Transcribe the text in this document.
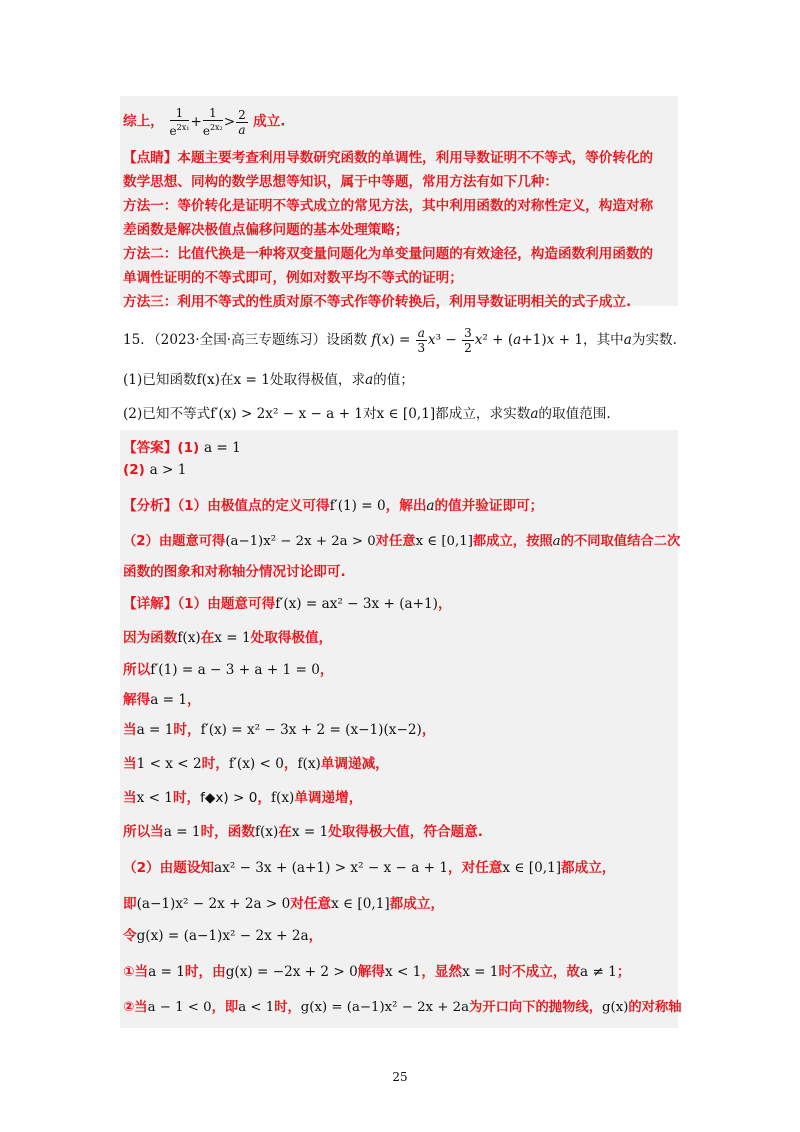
综上， $\frac{1}{e^{2x_1}} + \frac{1}{e^{2x_2}} > \frac{2}{a}$ 成立.
【点睛】本题主要考查利用导数研究函数的单调性，利用导数证明不不等式，等价转化的
数学思想、同构的数学思想等知识，属于中等题，常用方法有如下几种：
方法一：等价转化是证明不等式成立的常见方法，其中利用函数的对称性定义，构造对称
差函数是解决极值点偏移问题的基本处理策略；
方法二：比值代换是一种将双变量问题化为单变量问题的有效途径，构造函数利用函数的
单调性证明的不等式即可，例如对数平均不等式的证明；
方法三：利用不等式的性质对原不等式作等价转换后，利用导数证明相关的式子成立.
15．（2023·全国·高三专题练习）设函数 $f(x) = \frac{a}{3} x^3 - \frac{3}{2} x^2 + (a+1)x + 1$，其中a为实数.
(1)已知函数f(x)在x = 1处取得极值，求a的值；
(2)已知不等式f′(x) > 2x² − x − a + 1对x ∈ [0,1]都成立，求实数a的取值范围.
【答案】(1) a = 1
(2) a > 1
【分析】（1）由极值点的定义可得f′(1) = 0，解出a的值并验证即可；
（2）由题意可得(a−1)x² − 2x + 2a > 0对任意x ∈ [0,1]都成立，按照a的不同取值结合二次
函数的图象和对称轴分情况讨论即可.
【详解】（1）由题意可得f′(x) = ax² − 3x + (a+1)，
因为函数f(x)在x = 1处取得极值，
所以f′(1) = a − 3 + a + 1 = 0，
解得a = 1，
当a = 1时，f′(x) = x² − 3x + 2 = (x−1)(x−2)，
当1 < x < 2时，f′(x) < 0，f(x)单调递减，
当x < 1时，f◆x) > 0，f(x)单调递增，
所以当a = 1时，函数f(x)在x = 1处取得极大值，符合题意.
（2）由题设知ax² − 3x + (a+1) > x² − x − a + 1，对任意x ∈ [0,1]都成立，
即(a−1)x² − 2x + 2a > 0对任意x ∈ [0,1]都成立，
令g(x) = (a−1)x² − 2x + 2a，
①当a = 1时，由g(x) = −2x + 2 > 0解得x < 1，显然x = 1时不成立，故a ≠ 1；
②当a − 1 < 0，即a < 1时，g(x) = (a−1)x² − 2x + 2a为开口向下的抛物线，g(x)的对称轴
25
